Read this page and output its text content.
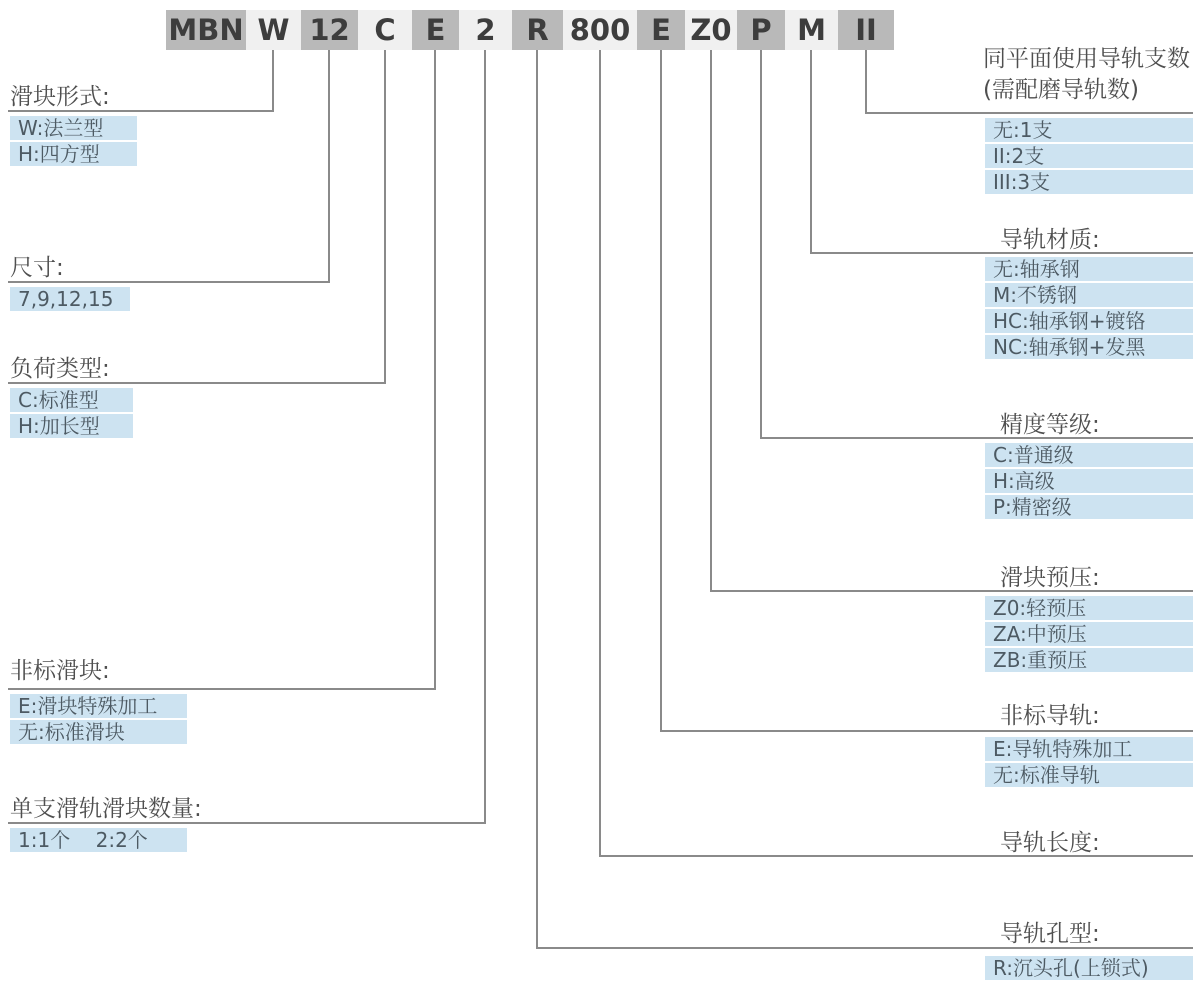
MBN W 12 C	E	2	R 800 E Z0 P M	II
滑块形式:
W:法兰型
H:四方型
尺寸:
7,9,12,15
负荷类型:
C:标准型
H:加长型
非标滑块:
E:滑块特殊加工
无:标准滑块
单支滑轨滑块数量:
1:1个    2:2个
同平面使用导轨支数
(需配磨导轨数)
无:1支
II:2支
III:3支
导轨材质:
无:轴承钢
M:不锈钢
HC:轴承钢+镀铬
NC:轴承钢+发黑
精度等级:
C:普通级
H:高级
P:精密级
滑块预压:
Z0:轻预压
ZA:中预压
ZB:重预压
非标导轨:
E:导轨特殊加工
无:标准导轨
导轨长度:
导轨孔型:
R:沉头孔(上锁式)
